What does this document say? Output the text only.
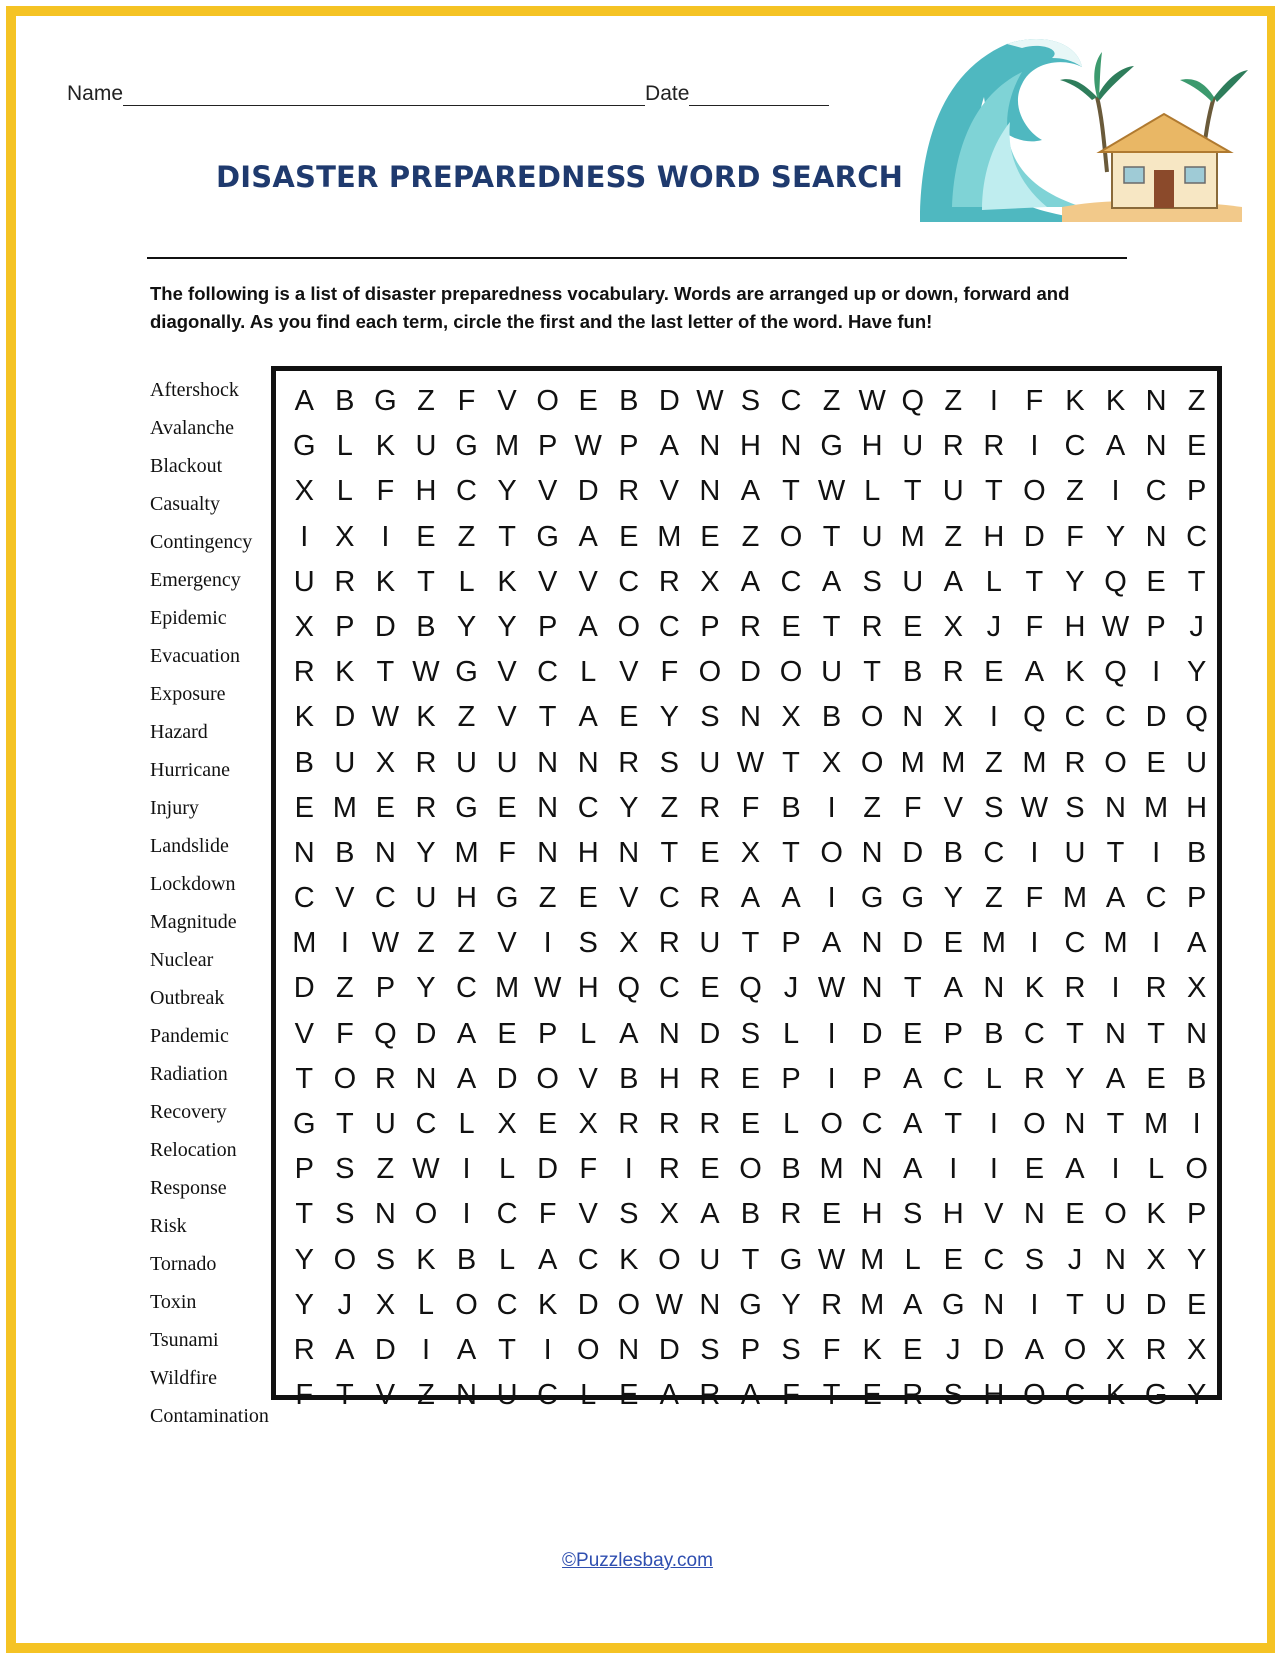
Name	Date
DISASTER PREPAREDNESS WORD SEARCH
The following is a list of disaster preparedness vocabulary. Words are arranged up or down, forward and diagonally. As you find each term, circle the first and the last letter of the word. Have fun!
Aftershock
Avalanche
Blackout
Casualty
Contingency
Emergency
Epidemic
Evacuation
Exposure
Hazard
Hurricane
Injury
Landslide
Lockdown
Magnitude
Nuclear
Outbreak
Pandemic
Radiation
Recovery
Relocation
Response
Risk
Tornado
Toxin
Tsunami
Wildfire
Contamination
A B G Z F V O E B D W S C Z W Q Z I F K K N Z
G L K U G M P W P A N H N G H U R R I C A N E
X L F H C Y V D R V N A T W L T U T O Z I C P
I X I E Z T G A E M E Z O T U M Z H D F Y N C
U R K T L K V V C R X A C A S U A L T Y Q E T
X P D B Y Y P A O C P R E T R E X J F H W P J
R K T W G V C L V F O D O U T B R E A K Q I Y
K D W K Z V T A E Y S N X B O N X I Q C C D Q
B U X R U U N N R S U W T X O M M Z M R O E U
E M E R G E N C Y Z R F B I Z F V S W S N M H
N B N Y M F N H N T E X T O N D B C I U T I B
C V C U H G Z E V C R A A I G G Y Z F M A C P
M I W Z Z V I S X R U T P A N D E M I C M I A
D Z P Y C M W H Q C E Q J W N T A N K R I R X
V F Q D A E P L A N D S L I D E P B C T N T N
T O R N A D O V B H R E P I P A C L R Y A E B
G T U C L X E X R R R E L O C A T I O N T M I
P S Z W I L D F I R E O B M N A I	I E A I L O
T S N O I C F V S X A B R E H S H V N E O K P
Y O S K B L A C K O U T G W M L E C S J N X Y
Y J X L O C K D O W N G Y R M A G N I T U D E
R A D I A T I O N D S P S F K E J D A O X R X
F T V Z N U C L E A R A F T E R S H O C K G Y
©Puzzlesbay.com
